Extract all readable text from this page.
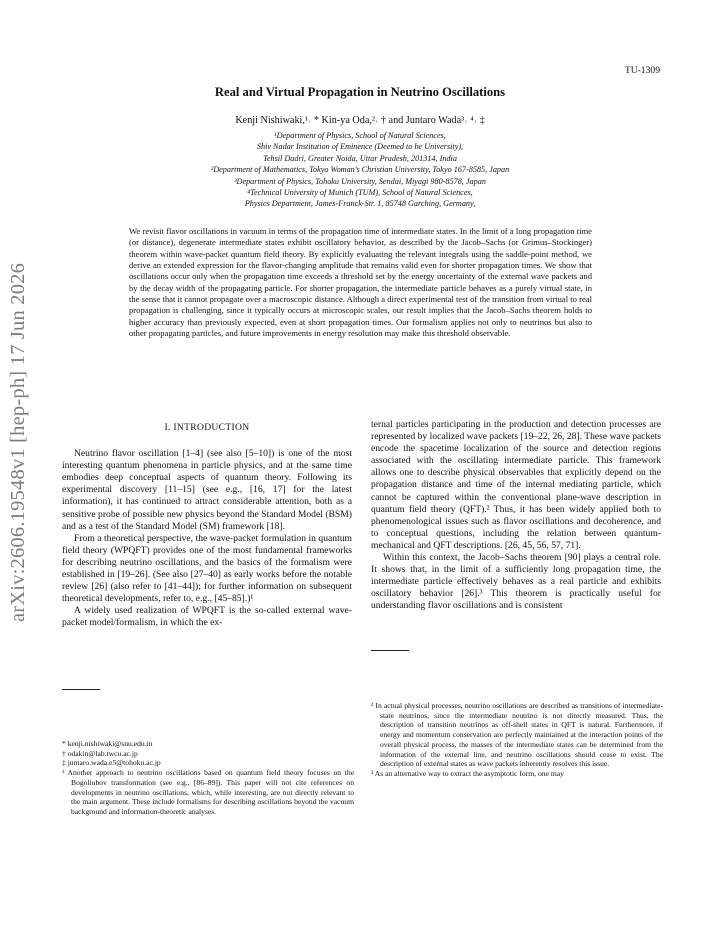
arXiv:2606.19548v1 [hep-ph] 17 Jun 2026
TU-1309
Real and Virtual Propagation in Neutrino Oscillations
Kenji Nishiwaki,¹˒ * Kin-ya Oda,²˒ † and Juntaro Wada³˒ ⁴˒ ‡
¹Department of Physics, School of Natural Sciences,
Shiv Nadar Institution of Eminence (Deemed to be University),
Tehsil Dadri, Greater Noida, Uttar Pradesh, 201314, India
²Department of Mathematics, Tokyo Woman’s Christian University, Tokyo 167-8585, Japan
³Department of Physics, Tohoku University, Sendai, Miyagi 980-8578, Japan
⁴Technical University of Munich (TUM), School of Natural Sciences,
Physics Department, James-Franck-Str. 1, 85748 Garching, Germany,
We revisit flavor oscillations in vacuum in terms of the propagation time of intermediate states. In the limit of a long propagation time (or distance), degenerate intermediate states exhibit oscillatory behavior, as described by the Jacob–Sachs (or Grimus–Stockinger) theorem within wave-packet quantum field theory. By explicitly evaluating the relevant integrals using the saddle-point method, we derive an extended expression for the flavor-changing amplitude that remains valid even for shorter propagation times. We show that oscillations occur only when the propagation time exceeds a threshold set by the energy uncertainty of the external wave packets and by the decay width of the propagating particle. For shorter propagation, the intermediate particle behaves as a purely virtual state, in the sense that it cannot propagate over a macroscopic distance. Although a direct experimental test of the transition from virtual to real propagation is challenging, since it typically occurs at microscopic scales, our result implies that the Jacob–Sachs theorem holds to higher accuracy than previously expected, even at short propagation times. Our formalism applies not only to neutrinos but also to other propagating particles, and future improvements in energy resolution may make this threshold observable.
I. INTRODUCTION

Neutrino flavor oscillation [1–4] (see also [5–10]) is one of the most interesting quantum phenomena in particle physics, and at the same time embodies deep conceptual aspects of quantum theory. Following its experimental discovery [11–15] (see e.g., [16, 17] for the latest information), it has continued to attract considerable attention, both as a sensitive probe of possible new physics beyond the Standard Model (BSM) and as a test of the Standard Model (SM) framework [18].

From a theoretical perspective, the wave-packet formulation in quantum field theory (WPQFT) provides one of the most fundamental frameworks for describing neutrino oscillations, and the basics of the formalism were established in [19–26]. (See also [27–40] as early works before the notable review [26] (also refer to [41–44]); for further information on subsequent theoretical developments, refer to, e.g., [45–85].)¹

A widely used realization of WPQFT is the so-called external wave-packet model/formalism, in which the ex-

ternal particles participating in the production and detection processes are represented by localized wave packets [19–22, 26, 28]. These wave packets encode the spacetime localization of the source and detection regions associated with the oscillating intermediate particle. This framework allows one to describe physical observables that explicitly depend on the propagation distance and time of the internal mediating particle, which cannot be captured within the conventional plane-wave description in quantum field theory (QFT).² Thus, it has been widely applied both to phenomenological issues such as flavor oscillations and decoherence, and to conceptual questions, including the relation between quantum-mechanical and QFT descriptions. [26, 45, 56, 57, 71].

Within this context, the Jacob–Sachs theorem [90] plays a central role. It shows that, in the limit of a sufficiently long propagation time, the intermediate particle effectively behaves as a real particle and exhibits oscillatory behavior [26].³ This theorem is practically useful for understanding flavor oscillations and is consistent

* kenji.nishiwaki@snu.edu.in
† odakin@lab.twcu.ac.jp
‡ juntaro.wada.e5@tohoku.ac.jp
¹ Another approach to neutrino oscillations based on quantum field theory focuses on the Bogoliubov transformation (see e.g., [86–89]). This paper will not cite references on developments in neutrino oscillations, which, while interesting, are not directly relevant to the main argument. These include formalisms for describing oscillations beyond the vacuum background and information-theoretic analyses.
² In actual physical processes, neutrino oscillations are described as transitions of intermediate-state neutrinos, since the intermediate neutrino is not directly measured. Thus, the description of transition neutrinos as off-shell states in QFT is natural. Furthermore, if energy and momentum conservation are perfectly maintained at the interaction points of the overall physical process, the masses of the intermediate states can be determined from the information of the external line, and neutrino oscillations should cease to exist. The description of external states as wave packets inherently resolves this issue.
³ As an alternative way to extract the asymptotic form, one may
